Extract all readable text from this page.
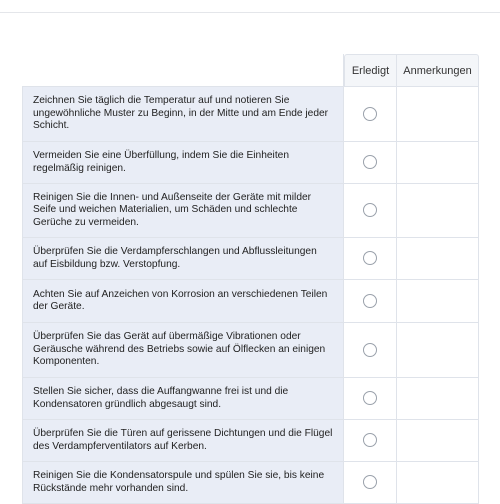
	Erledigt	Anmerkungen
Zeichnen Sie täglich die Temperatur auf und notieren Sie ungewöhnliche Muster zu Beginn, in der Mitte und am Ende jeder Schicht.		
Vermeiden Sie eine Überfüllung, indem Sie die Einheiten regelmäßig reinigen.		
Reinigen Sie die Innen- und Außenseite der Geräte mit milder Seife und weichen Materialien, um Schäden und schlechte Gerüche zu vermeiden.		
Überprüfen Sie die Verdampferschlangen und Abflussleitungen auf Eisbildung bzw. Verstopfung.		
Achten Sie auf Anzeichen von Korrosion an verschiedenen Teilen der Geräte.		
Überprüfen Sie das Gerät auf übermäßige Vibrationen oder Geräusche während des Betriebs sowie auf Ölflecken an einigen Komponenten.		
Stellen Sie sicher, dass die Auffangwanne frei ist und die Kondensatoren gründlich abgesaugt sind.		
Überprüfen Sie die Türen auf gerissene Dichtungen und die Flügel des Verdampferventilators auf Kerben.		
Reinigen Sie die Kondensatorspule und spülen Sie sie, bis keine Rückstände mehr vorhanden sind.		
